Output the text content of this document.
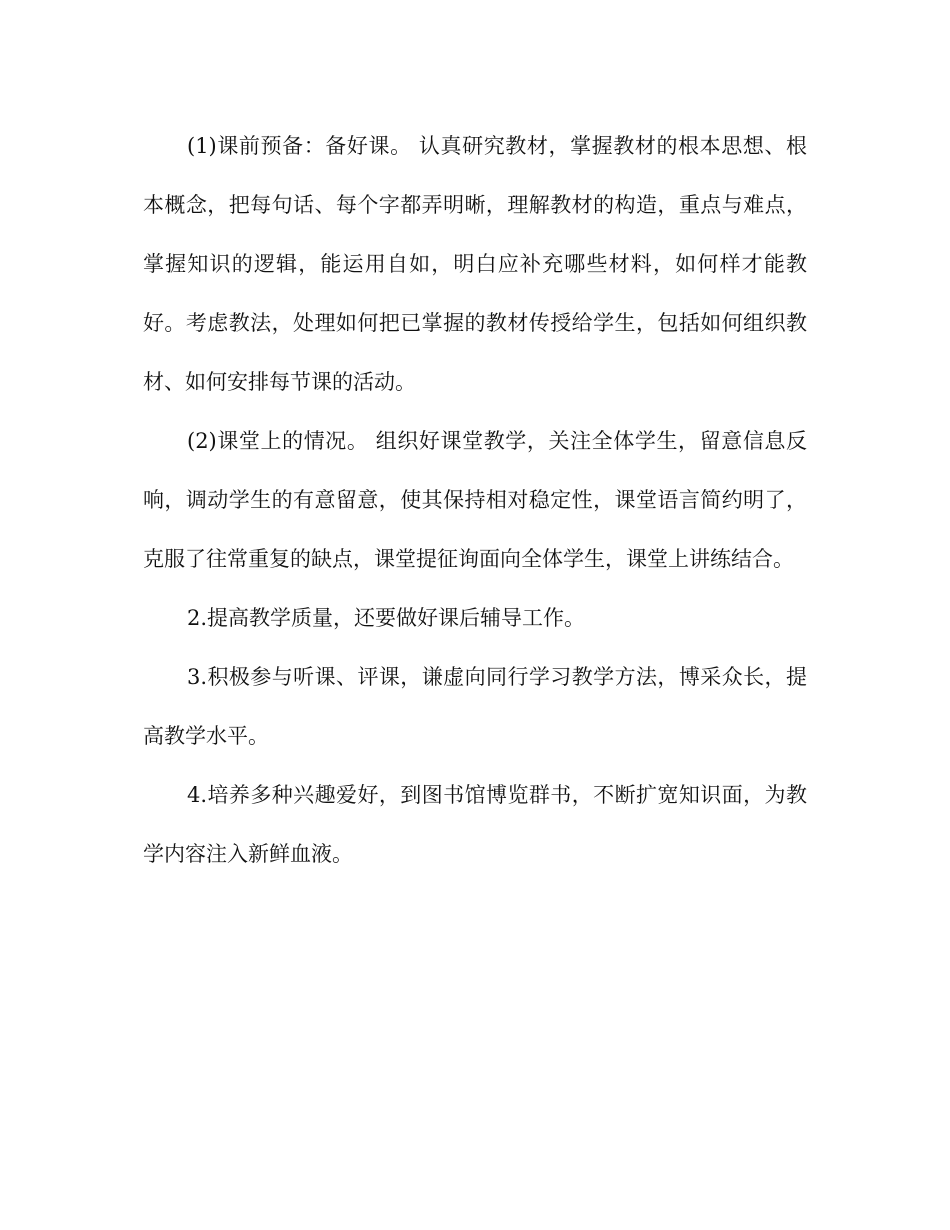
(1)课前预备：备好课。 认真研究教材，掌握教材的根本思想、根本概念，把每句话、每个字都弄明晰，理解教材的构造，重点与难点，掌握知识的逻辑，能运用自如，明白应补充哪些材料，如何样才能教好。考虑教法，处理如何把已掌握的教材传授给学生，包括如何组织教材、如何安排每节课的活动。

(2)课堂上的情况。 组织好课堂教学，关注全体学生，留意信息反响，调动学生的有意留意，使其保持相对稳定性，课堂语言简约明了，克服了往常重复的缺点，课堂提征询面向全体学生，课堂上讲练结合。

2.提高教学质量，还要做好课后辅导工作。

3.积极参与听课、评课，谦虚向同行学习教学方法，博采众长，提高教学水平。

4.培养多种兴趣爱好，到图书馆博览群书，不断扩宽知识面，为教学内容注入新鲜血液。
